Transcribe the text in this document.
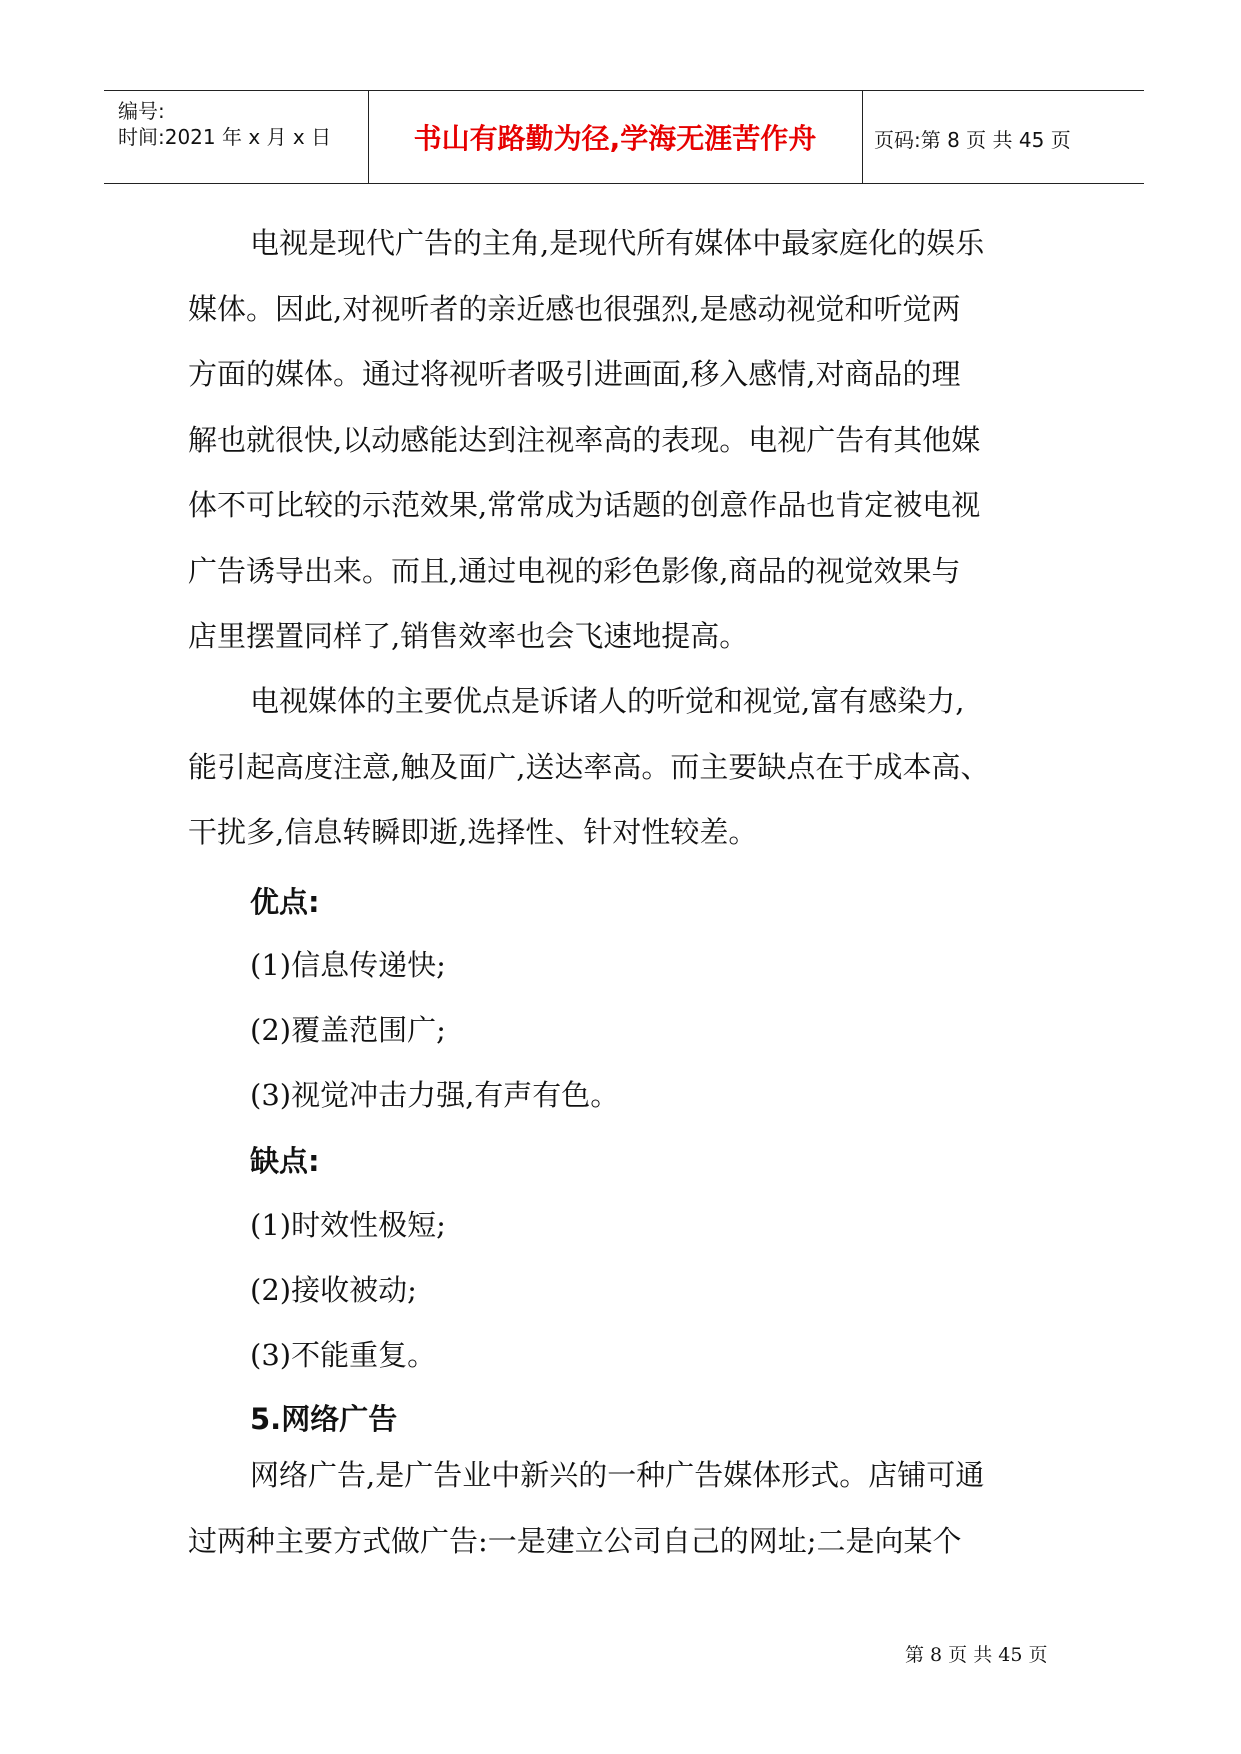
编号:
时间:2021 年 x 月 x 日	书山有路勤为径,学海无涯苦作舟	页码:第 8 页 共 45 页
电视是现代广告的主角,是现代所有媒体中最家庭化的娱乐
媒体。因此,对视听者的亲近感也很强烈,是感动视觉和听觉两
方面的媒体。通过将视听者吸引进画面,移入感情,对商品的理
解也就很快,以动感能达到注视率高的表现。电视广告有其他媒
体不可比较的示范效果,常常成为话题的创意作品也肯定被电视
广告诱导出来。而且,通过电视的彩色影像,商品的视觉效果与
店里摆置同样了,销售效率也会飞速地提高。
电视媒体的主要优点是诉诸人的听觉和视觉,富有感染力,
能引起高度注意,触及面广,送达率高。而主要缺点在于成本高、
干扰多,信息转瞬即逝,选择性、针对性较差。
优点:
(1)信息传递快;
(2)覆盖范围广;
(3)视觉冲击力强,有声有色。
缺点:
(1)时效性极短;
(2)接收被动;
(3)不能重复。
5.网络广告
网络广告,是广告业中新兴的一种广告媒体形式。店铺可通
过两种主要方式做广告:一是建立公司自己的网址;二是向某个
第 8 页 共 45 页
